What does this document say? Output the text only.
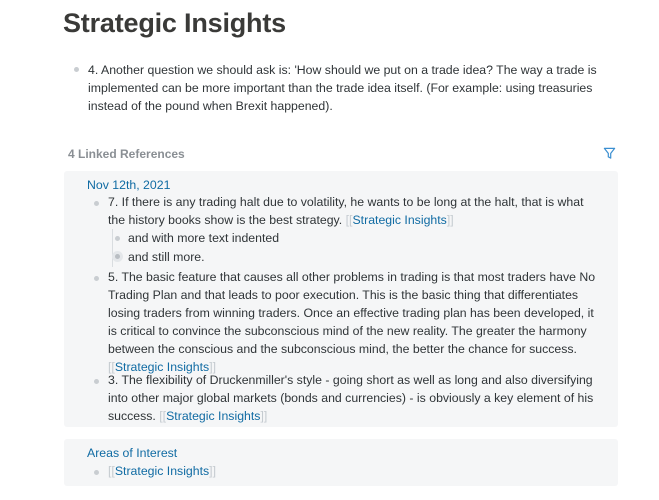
Strategic Insights
4. Another question we should ask is: 'How should we put on a trade idea? The way a trade is implemented can be more important than the trade idea itself. (For example: using treasuries instead of the pound when Brexit happened).
4 Linked References
Nov 12th, 2021
7. If there is any trading halt due to volatility, he wants to be long at the halt, that is what the history books show is the best strategy. [[Strategic Insights]]
and with more text indented
and still more.
5. The basic feature that causes all other problems in trading is that most traders have No Trading Plan and that leads to poor execution. This is the basic thing that differentiates losing traders from winning traders. Once an effective trading plan has been developed, it is critical to convince the subconscious mind of the new reality. The greater the harmony between the conscious and the subconscious mind, the better the chance for success. [[Strategic Insights]]
3. The flexibility of Druckenmiller's style - going short as well as long and also diversifying into other major global markets (bonds and currencies) - is obviously a key element of his success. [[Strategic Insights]]
Areas of Interest
[[Strategic Insights]]
